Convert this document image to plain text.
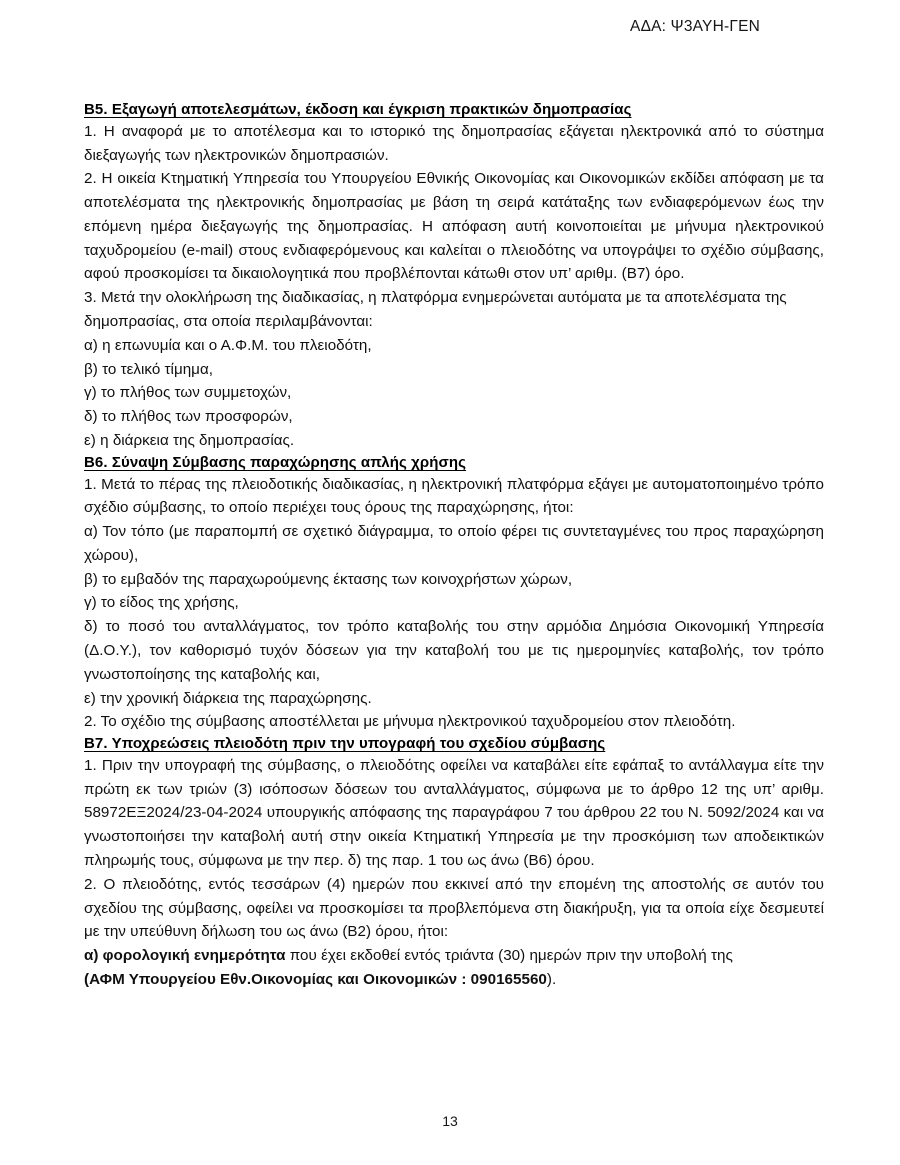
ΑΔΑ: Ψ3ΑΥΗ-ΓΕΝ
Β5. Εξαγωγή αποτελεσμάτων, έκδοση και έγκριση πρακτικών δημοπρασίας

1. Η αναφορά με το αποτέλεσμα και το ιστορικό της δημοπρασίας εξάγεται ηλεκτρονικά από το σύστημα διεξαγωγής των ηλεκτρονικών δημοπρασιών.

2. Η οικεία Κτηματική Υπηρεσία του Υπουργείου Εθνικής Οικονομίας και Οικονομικών εκδίδει απόφαση με τα αποτελέσματα της ηλεκτρονικής δημοπρασίας με βάση τη σειρά κατάταξης των ενδιαφερόμενων έως την επόμενη ημέρα διεξαγωγής της δημοπρασίας. Η απόφαση αυτή κοινοποιείται με μήνυμα ηλεκτρονικού ταχυδρομείου (e-mail) στους ενδιαφερόμενους και καλείται ο πλειοδότης να υπογράψει το σχέδιο σύμβασης, αφού προσκομίσει τα δικαιολογητικά που προβλέπονται κάτωθι στον υπ’ αριθμ. (Β7) όρο.

3. Μετά την ολοκλήρωση της διαδικασίας, η πλατφόρμα ενημερώνεται αυτόματα με τα αποτελέσματα της δημοπρασίας, στα οποία περιλαμβάνονται:

α) η επωνυμία και ο Α.Φ.Μ. του πλειοδότη,

β) το τελικό τίμημα,

γ) το πλήθος των συμμετοχών,

δ) το πλήθος των προσφορών,

ε) η διάρκεια της δημοπρασίας.

Β6. Σύναψη Σύμβασης παραχώρησης απλής χρήσης

1. Μετά το πέρας της πλειοδοτικής διαδικασίας, η ηλεκτρονική πλατφόρμα εξάγει με αυτοματοποιημένο τρόπο σχέδιο σύμβασης, το οποίο περιέχει τους όρους της παραχώρησης, ήτοι:

α) Τον τόπο (με παραπομπή σε σχετικό διάγραμμα, το οποίο φέρει τις συντεταγμένες του προς παραχώρηση χώρου),

β) το εμβαδόν της παραχωρούμενης έκτασης των κοινοχρήστων χώρων,

γ) το είδος της χρήσης,

δ) το ποσό του ανταλλάγματος, τον τρόπο καταβολής του στην αρμόδια Δημόσια Οικονομική Υπηρεσία (Δ.Ο.Υ.), τον καθορισμό τυχόν δόσεων για την καταβολή του με τις ημερομηνίες καταβολής, τον τρόπο γνωστοποίησης της καταβολής και,

ε) την χρονική διάρκεια της παραχώρησης.

2. Το σχέδιο της σύμβασης αποστέλλεται με μήνυμα ηλεκτρονικού ταχυδρομείου στον πλειοδότη.

Β7. Υποχρεώσεις πλειοδότη πριν την υπογραφή του σχεδίου σύμβασης

1. Πριν την υπογραφή της σύμβασης, ο πλειοδότης οφείλει να καταβάλει είτε εφάπαξ το αντάλλαγμα είτε την πρώτη εκ των τριών (3) ισόποσων δόσεων του ανταλλάγματος, σύμφωνα με το άρθρο 12 της υπ’ αριθμ. 58972ΕΞ2024/23-04-2024 υπουργικής απόφασης της παραγράφου 7 του άρθρου 22 του Ν. 5092/2024 και να γνωστοποιήσει την καταβολή αυτή στην οικεία Κτηματική Υπηρεσία με την προσκόμιση των αποδεικτικών πληρωμής τους, σύμφωνα με την περ. δ) της παρ. 1 του ως άνω (Β6) όρου.

2. Ο πλειοδότης, εντός τεσσάρων (4) ημερών που εκκινεί από την επομένη της αποστολής σε αυτόν του σχεδίου της σύμβασης, οφείλει να προσκομίσει τα προβλεπόμενα στη διακήρυξη, για τα οποία είχε δεσμευτεί με την υπεύθυνη δήλωση του ως άνω (Β2) όρου, ήτοι:

α) φορολογική ενημερότητα που έχει εκδοθεί εντός τριάντα (30) ημερών πριν την υποβολή της

(ΑΦΜ Υπουργείου Εθν.Οικονομίας και Οικονομικών : 090165560).

13
